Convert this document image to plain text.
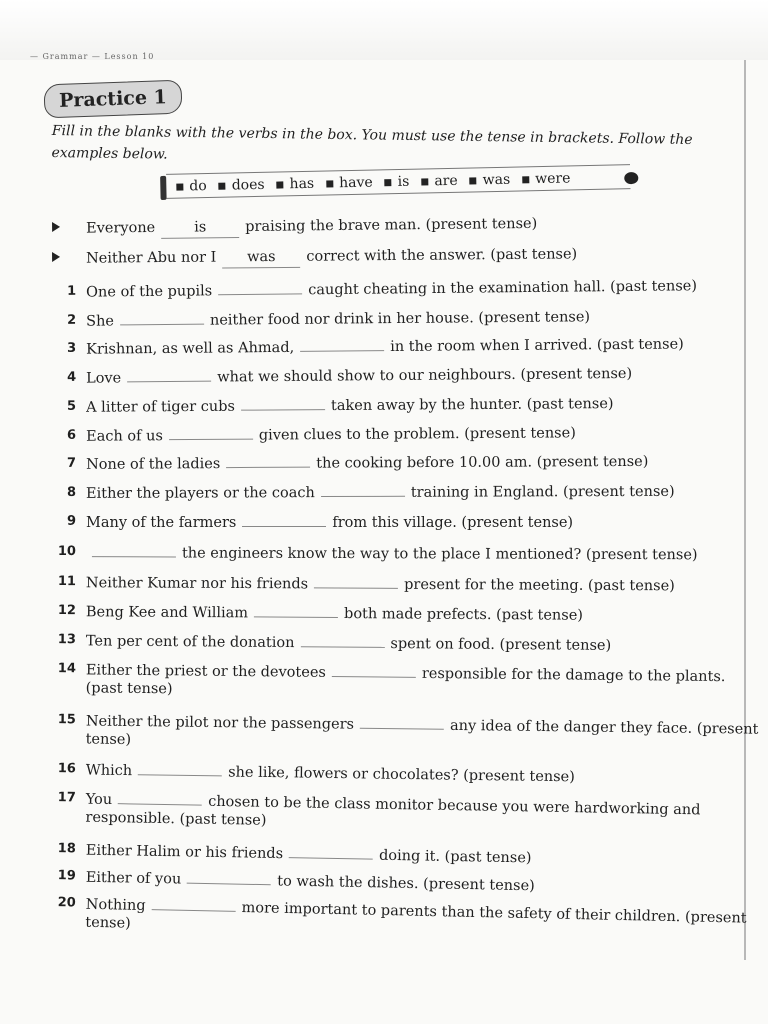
— Grammar — Lesson 10
Practice 1
Fill in the blanks with the verbs in the box. You must use the tense in brackets. Follow the examples below.
do does has have is are was were
Everyone	is	praising the brave man. (present tense)
Neither Abu nor I was correct with the answer. (past tense)
1 One of the pupils	caught cheating in the examination hall. (past tense)
2 She	neither food nor drink in her house. (present tense)
3 Krishnan, as well as Ahmad,	in the room when I arrived. (past tense)
4 Love	what we should show to our neighbours. (present tense)
5 A litter of tiger cubs	taken away by the hunter. (past tense)
6 Each of us	given clues to the problem. (present tense)
7 None of the ladies	the cooking before 10.00 am. (present tense)
8 Either the players or the coach	training in England. (present tense)
9 Many of the farmers	from this village. (present tense)
10	the engineers know the way to the place I mentioned? (present tense)
11 Neither Kumar nor his friends	present for the meeting. (past tense)
12 Beng Kee and William	both made prefects. (past tense)
13 Ten per cent of the donation	spent on food. (present tense)
14 Either the priest or the devotees	responsible for the damage to the plants.
(past tense)
15 Neither the pilot nor the passengers	any idea of the danger they face. (present
tense)
16 Which	she like, flowers or chocolates? (present tense)
17 You	chosen to be the class monitor because you were hardworking and
responsible. (past tense)
18 Either Halim or his friends	doing it. (past tense)
19 Either of you	to wash the dishes. (present tense)
20 Nothing	more important to parents than the safety of their children. (present
tense)
